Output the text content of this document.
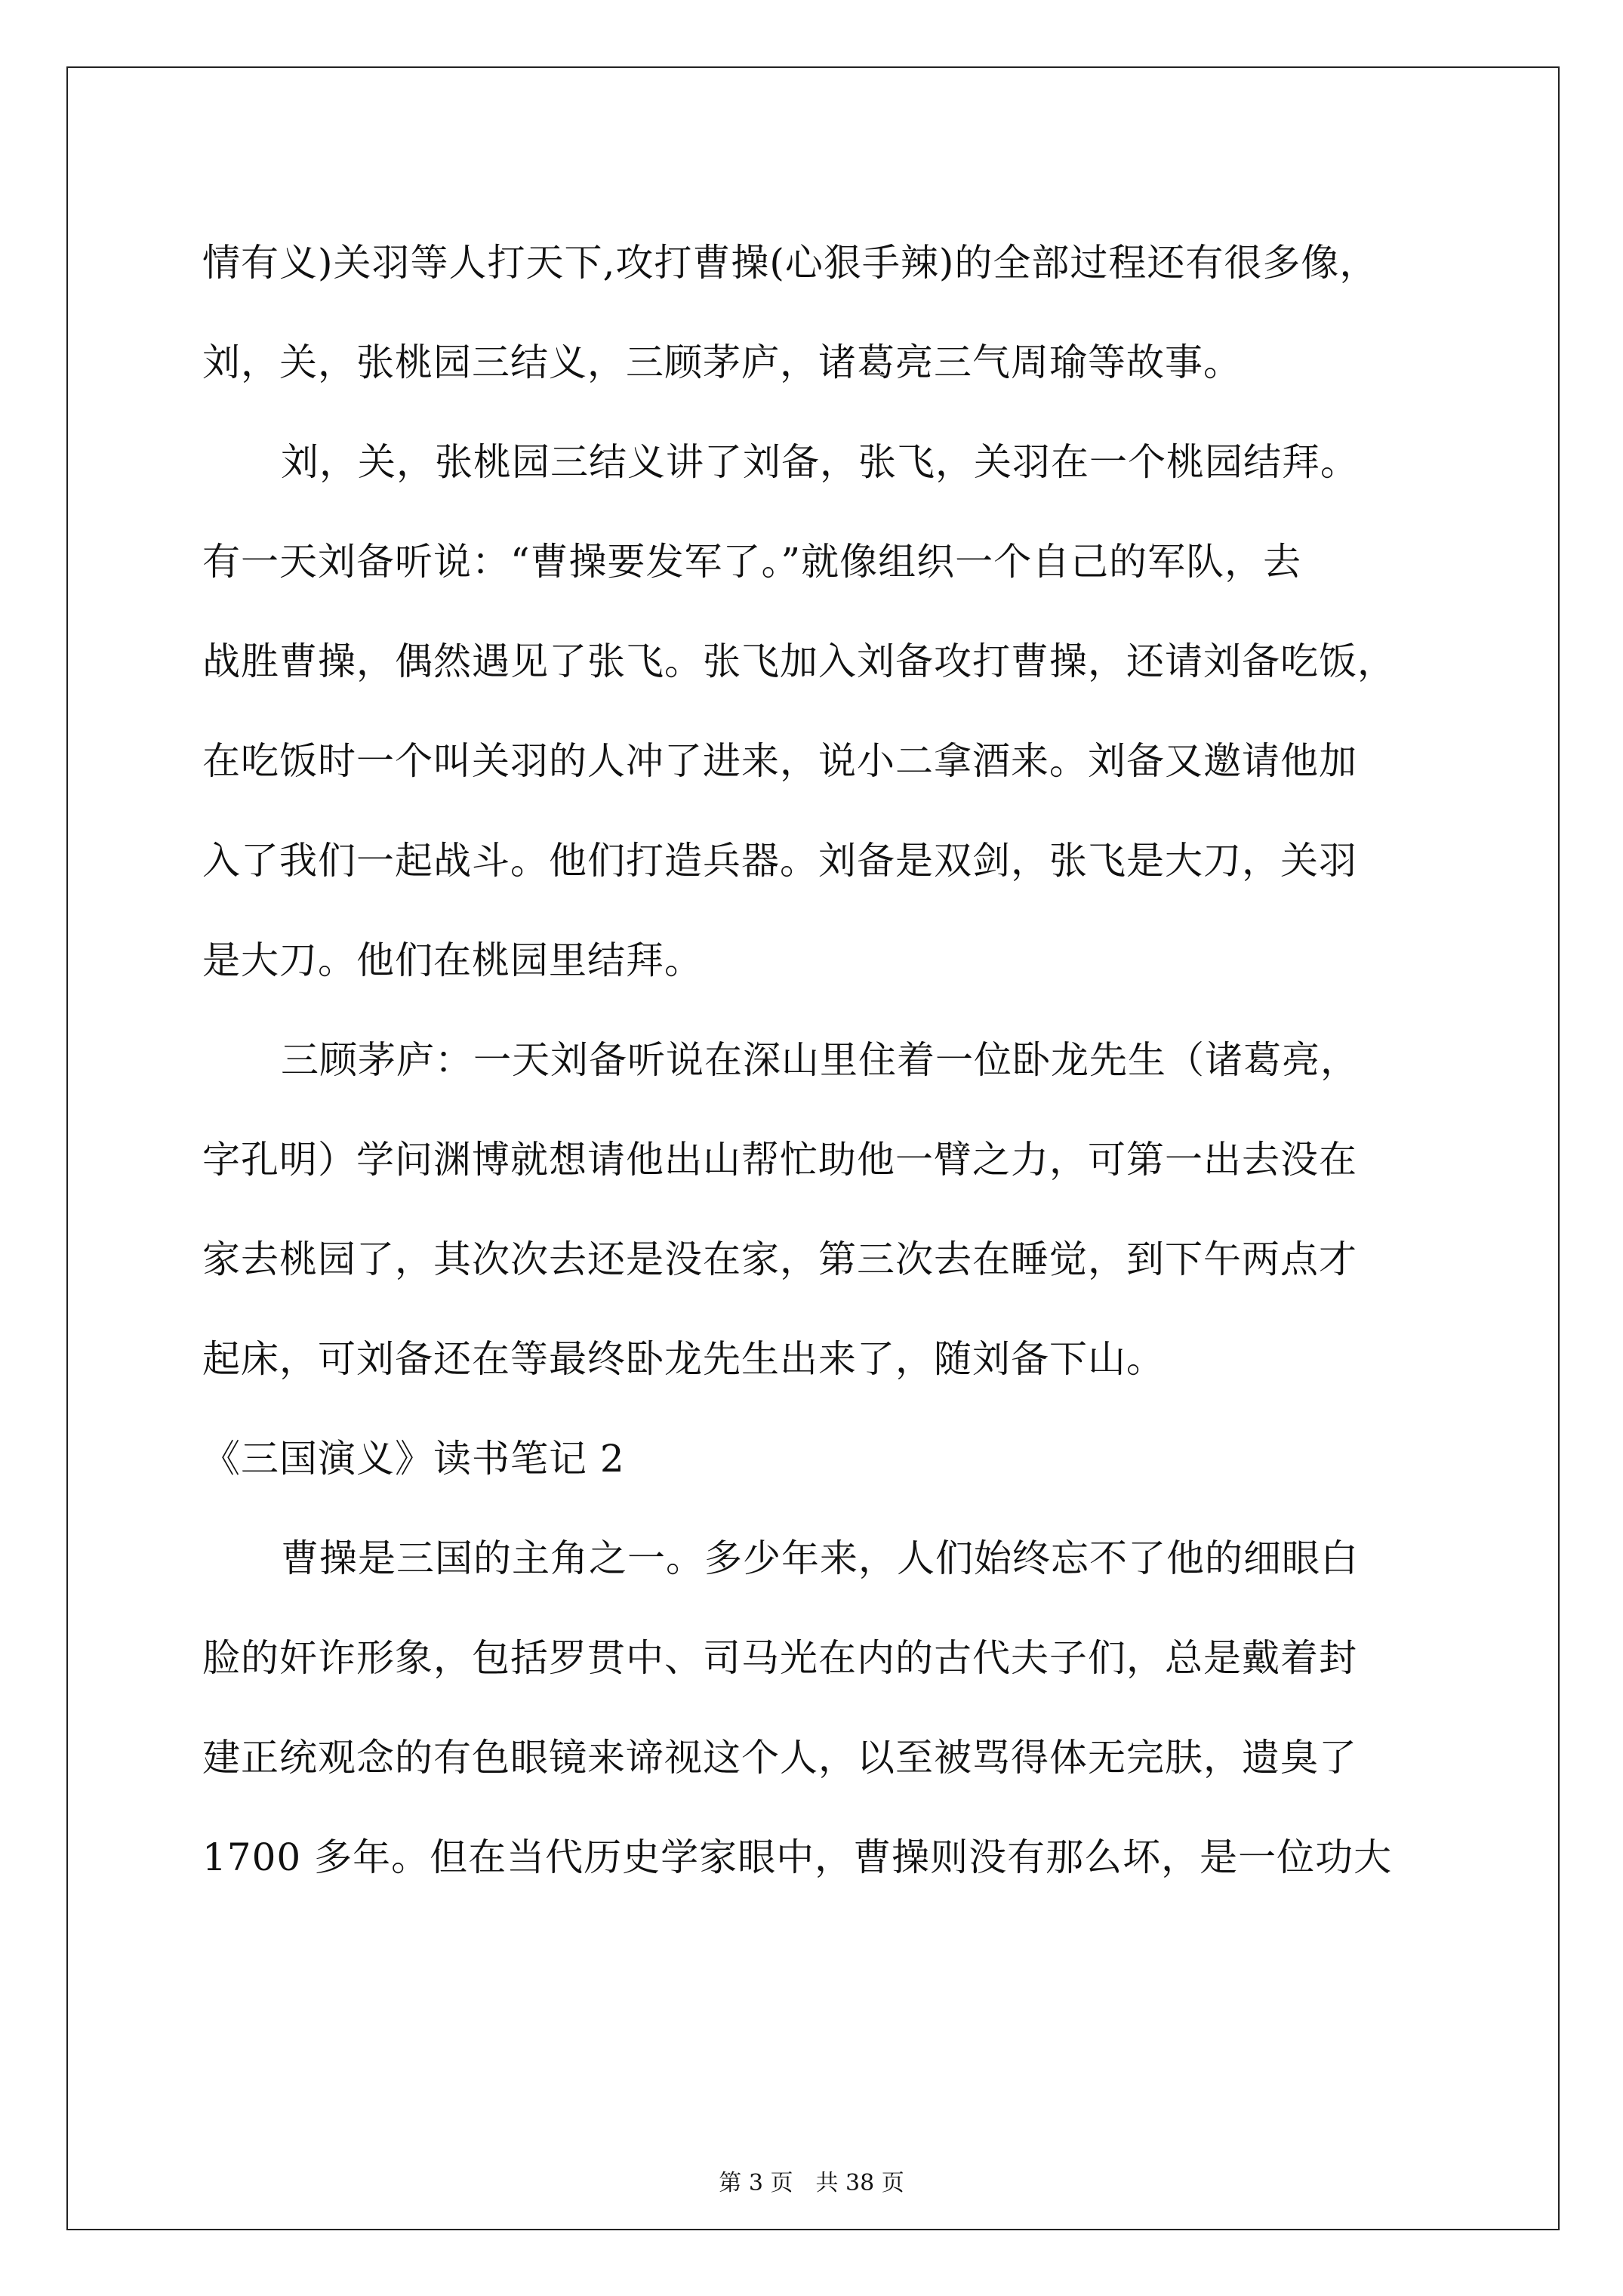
情有义)关羽等人打天下,攻打曹操(心狠手辣)的全部过程还有很多像，
刘，关，张桃园三结义，三顾茅庐，诸葛亮三气周瑜等故事。
刘，关，张桃园三结义讲了刘备，张飞，关羽在一个桃园结拜。
有一天刘备听说：“曹操要发军了。”就像组织一个自己的军队，去
战胜曹操，偶然遇见了张飞。张飞加入刘备攻打曹操，还请刘备吃饭，
在吃饭时一个叫关羽的人冲了进来，说小二拿酒来。刘备又邀请他加
入了我们一起战斗。他们打造兵器。刘备是双剑，张飞是大刀，关羽
是大刀。他们在桃园里结拜。
三顾茅庐：一天刘备听说在深山里住着一位卧龙先生（诸葛亮，
字孔明）学问渊博就想请他出山帮忙助他一臂之力，可第一出去没在
家去桃园了，其次次去还是没在家，第三次去在睡觉，到下午两点才
起床，可刘备还在等最终卧龙先生出来了，随刘备下山。
《三国演义》读书笔记 2
曹操是三国的主角之一。多少年来，人们始终忘不了他的细眼白
脸的奸诈形象，包括罗贯中、司马光在内的古代夫子们，总是戴着封
建正统观念的有色眼镜来谛视这个人，以至被骂得体无完肤，遗臭了
1700 多年。但在当代历史学家眼中，曹操则没有那么坏，是一位功大
第 3 页　共 38 页
